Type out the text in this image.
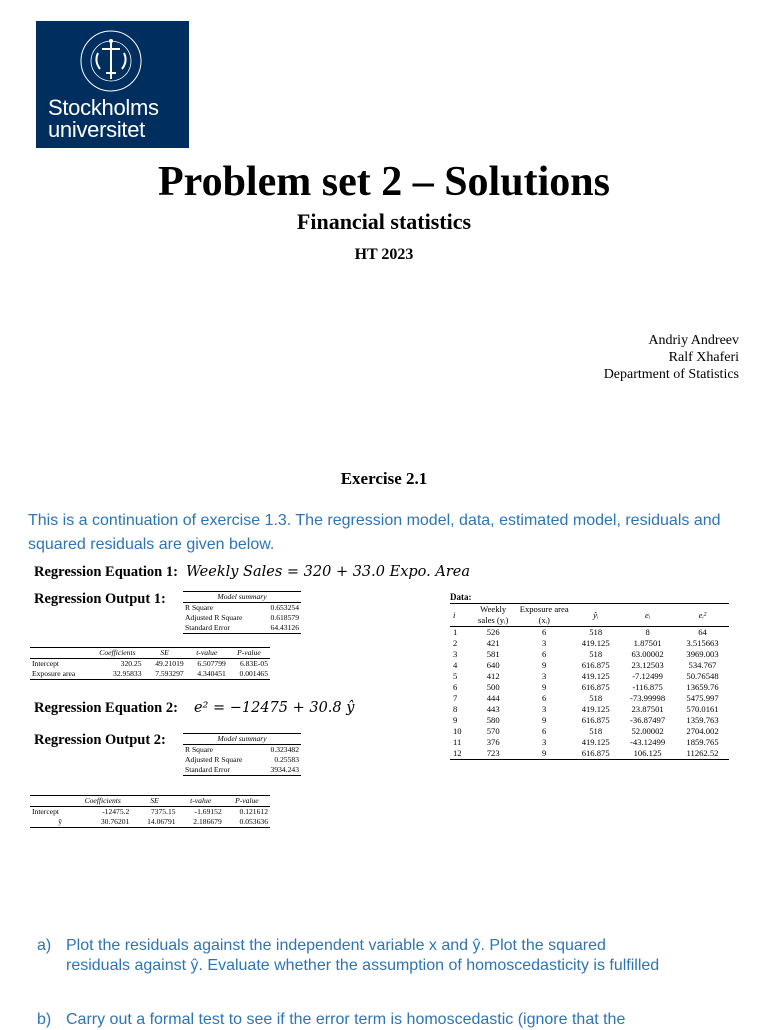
Stockholms
universitet
Problem set 2 – Solutions
Financial statistics
HT 2023
Andriy Andreev
Ralf Xhaferi
Department of Statistics
Exercise 2.1
This is a continuation of exercise 1.3. The regression model, data, estimated model, residuals and squared residuals are given below.
Regression Equation 1: Weekly Sales = 320 + 33.0 Expo. Area
Regression Output 1:	Model summary	
R Square	0.653254
Adjusted R Square	0.618579
Standard Error	64.43126
	Coefficients	SE	t-value	P-value
Intercept	320.25	49.21019	6.507799	6.83E-05
Exposure area	32.95833	7.593297	4.340451	0.001465
Regression Equation 2: e² = −12475 + 30.8 ŷ
Regression Output 2:	Model summary	
R Square	0.323482
Adjusted R Square	0.25583
Standard Error	3934.243
	Coefficients	SE	t-value	P-value
Intercept	-12475.2	7375.15	-1.69152	0.121612
ŷ	30.76201	14.06791	2.186679	0.053636
Data:
i	Weekly sales (yᵢ)	Exposure area (xᵢ)	ŷᵢ	eᵢ	eᵢ²
1	526	6	518	8	64
2	421	3	419.125	1.87501	3.515663
3	581	6	518	63.00002	3969.003
4	640	9	616.875	23.12503	534.767
5	412	3	419.125	-7.12499	50.76548
6	500	9	616.875	-116.875	13659.76
7	444	6	518	-73.99998	5475.997
8	443	3	419.125	23.87501	570.0161
9	580	9	616.875	-36.87497	1359.763
10	570	6	518	52.00002	2704.002
11	376	3	419.125	-43.12499	1859.765
12	723	9	616.875	106.125	11262.52
a) Plot the residuals against the independent variable x and ŷ. Plot the squared
residuals against ŷ. Evaluate whether the assumption of homoscedasticity is fulfilled
b) Carry out a formal test to see if the error term is homoscedastic (ignore that the
